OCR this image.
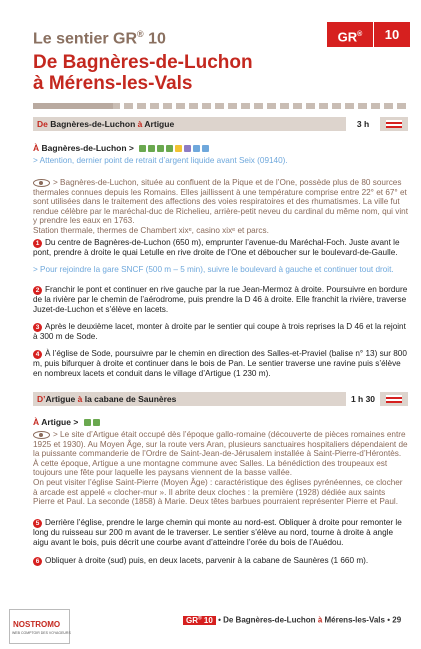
Le sentier GR® 10
De Bagnères-de-Luchon
à Mérens-les-Vals
GR®	10
De Bagnères-de-Luchon à Artigue	3 h
À Bagnères-de-Luchon >
> Attention, dernier point de retrait d’argent liquide avant Seix (09140).
> Bagnères-de-Luchon, située au confluent de la Pique et de l’One, possède plus de 80 sources thermales connues depuis les Romains. Elles jaillissent à une température comprise entre 22° et 67° et sont utilisées dans le traitement des affections des voies respiratoires et des rhumatismes. La ville fut rendue célèbre par le maréchal-duc de Richelieu, arrière-petit neveu du cardinal du même nom, qui vint y prendre les eaux en 1763.
Station thermale, thermes de Chambert xixᵉ, casino xixᵉ et parcs.
1 Du centre de Bagnères-de-Luchon (650 m), emprunter l’avenue-du Maréchal-Foch. Juste avant le pont, prendre à droite le quai Letulle en rive droite de l’One et déboucher sur le boulevard-de-Gaulle.
> Pour rejoindre la gare SNCF (500 m – 5 min), suivre le boulevard à gauche et continuer tout droit.
2 Franchir le pont et continuer en rive gauche par la rue Jean-Mermoz à droite. Poursuivre en bordure de la rivière par le chemin de l’aérodrome, puis prendre la D 46 à droite. Elle franchit la rivière, traverse Juzet-de-Luchon et s’élève en lacets.
3 Après le deuxième lacet, monter à droite par le sentier qui coupe à trois reprises la D 46 et la rejoint à 300 m de Sode.
4 À l’église de Sode, poursuivre par le chemin en direction des Salles-et-Praviel (balise n° 13) sur 800 m, puis bifurquer à droite et continuer dans le bois de Pan. Le sentier traverse une ravine puis s’élève en nombreux lacets et conduit dans le village d’Artigue (1 230 m).
D’Artigue à la cabane de Saunères	1 h 30
À Artigue >
> Le site d’Artigue était occupé dès l’époque gallo-romaine (découverte de pièces romaines entre 1925 et 1930). Au Moyen Âge, sur la route vers Aran, plusieurs sanctuaires hospitaliers dépendaient de la puissante commanderie de l’Ordre de Saint-Jean-de-Jérusalem installée à Saint-Pierre-d’Hérontès. À cette époque, Artigue a une montagne commune avec Salles. La bénédiction des troupeaux est toujours une fête pour laquelle les paysans viennent de la basse vallée.
On peut visiter l’église Saint-Pierre (Moyen Âge) : caractéristique des églises pyrénéennes, ce clocher à arcade est appelé « clocher-mur ». Il abrite deux cloches : la première (1928) dédiée aux saints Pierre et Paul. La seconde (1858) à Marie. Deux têtes barbues pourraient représenter Pierre et Paul.
5 Derrière l’église, prendre le large chemin qui monte au nord-est. Obliquer à droite pour remonter le long du ruisseau sur 200 m avant de le traverser. Le sentier s’élève au nord, tourne à droite à angle aigu avant le bois, puis décrit une courbe avant d’atteindre l’orée du bois de l’Auédou.
6 Obliquer à droite (sud) puis, en deux lacets, parvenir à la cabane de Saunères (1 660 m).
NOSTROMO
WEB COMPTOIR DES VOYAGEURS
GR® 10 • De Bagnères-de-Luchon à Mérens-les-Vals • 29
